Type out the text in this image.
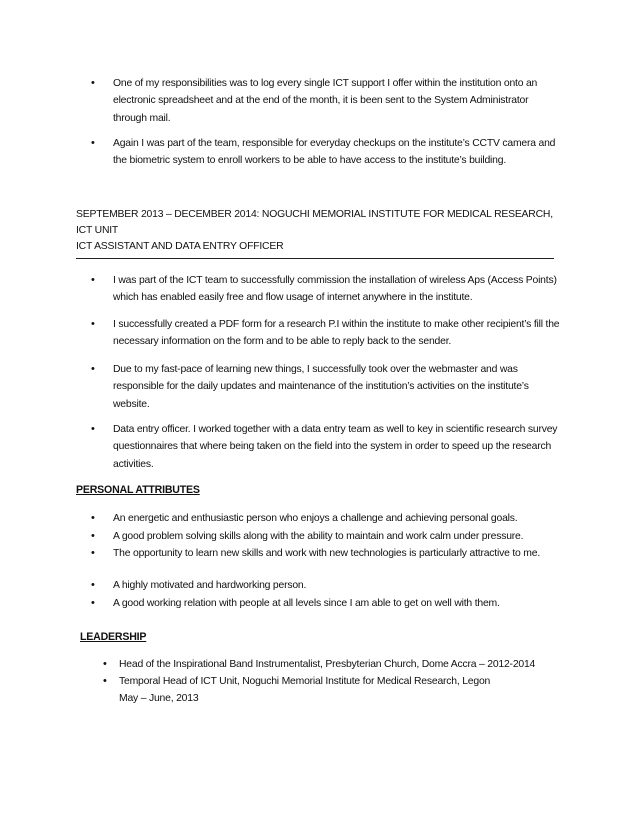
• One of my responsibilities was to log every single ICT support I offer within the institution onto an electronic spreadsheet and at the end of the month, it is been sent to the System Administrator through mail.
• Again I was part of the team, responsible for everyday checkups on the institute’s CCTV camera and the biometric system to enroll workers to be able to have access to the institute’s building.
SEPTEMBER 2013 – DECEMBER 2014: NOGUCHI MEMORIAL INSTITUTE FOR MEDICAL RESEARCH, ICT UNIT
ICT ASSISTANT AND DATA ENTRY OFFICER
• I was part of the ICT team to successfully commission the installation of wireless Aps (Access Points) which has enabled easily free and flow usage of internet anywhere in the institute.
• I successfully created a PDF form for a research P.I within the institute to make other recipient’s fill the necessary information on the form and to be able to reply back to the sender.
• Due to my fast-pace of learning new things, I successfully took over the webmaster and was responsible for the daily updates and maintenance of the institution’s activities on the institute’s website.
• Data entry officer. I worked together with a data entry team as well to key in scientific research survey questionnaires that where being taken on the field into the system in order to speed up the research activities.
PERSONAL ATTRIBUTES
• An energetic and enthusiastic person who enjoys a challenge and achieving personal goals.
• A good problem solving skills along with the ability to maintain and work calm under pressure.
• The opportunity to learn new skills and work with new technologies is particularly attractive to me.
• A highly motivated and hardworking person.
• A good working relation with people at all levels since I am able to get on well with them.
LEADERSHIP
• Head of the Inspirational Band Instrumentalist, Presbyterian Church, Dome Accra – 2012-2014
• Temporal Head of ICT Unit, Noguchi Memorial Institute for Medical Research, Legon May – June, 2013
